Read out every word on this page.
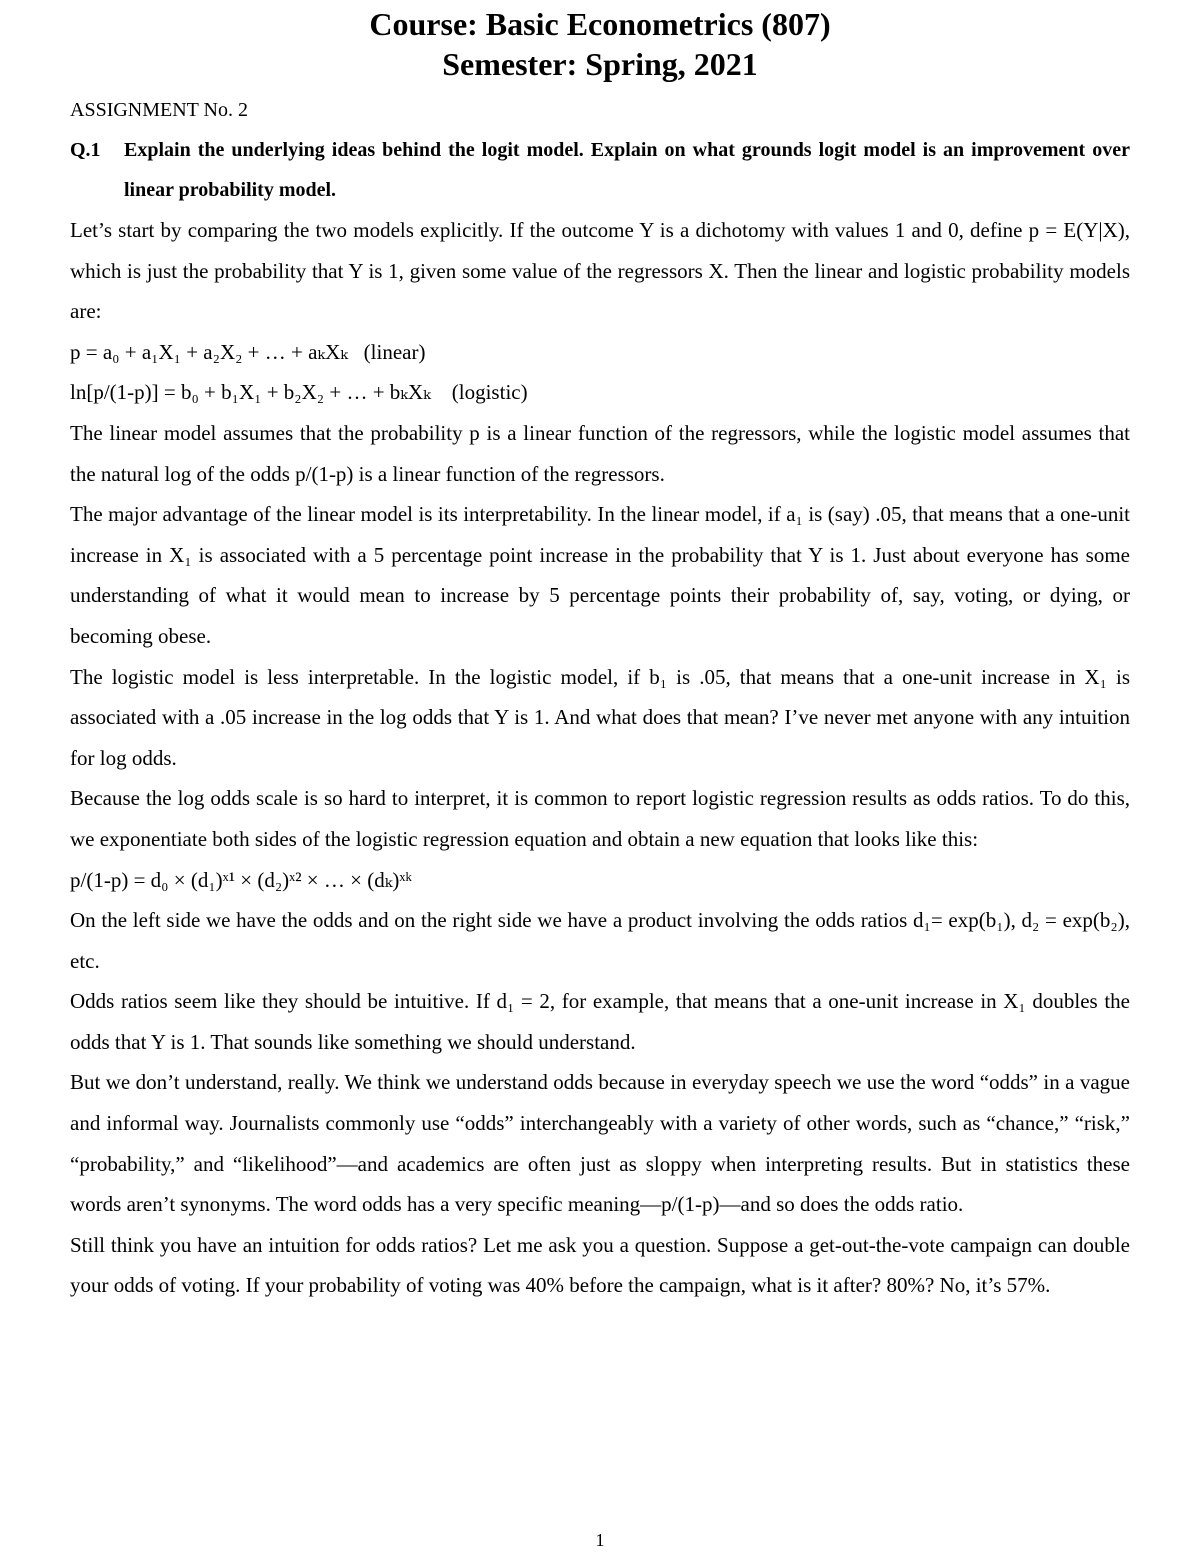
Course: Basic Econometrics (807)
Semester: Spring, 2021
ASSIGNMENT No. 2
Q.1	Explain the underlying ideas behind the logit model. Explain on what grounds logit model is an improvement over linear probability model.

Let’s start by comparing the two models explicitly. If the outcome Y is a dichotomy with values 1 and 0, define p = E(Y|X), which is just the probability that Y is 1, given some value of the regressors X. Then the linear and logistic probability models are:

p = a₀ + a₁X₁ + a₂X₂ + … + aₖXₖ   (linear)

ln[p/(1-p)] = b₀ + b₁X₁ + b₂X₂ + … + bₖXₖ    (logistic)

The linear model assumes that the probability p is a linear function of the regressors, while the logistic model assumes that the natural log of the odds p/(1-p) is a linear function of the regressors.

The major advantage of the linear model is its interpretability. In the linear model, if a₁ is (say) .05, that means that a one-unit increase in X₁ is associated with a 5 percentage point increase in the probability that Y is 1. Just about everyone has some understanding of what it would mean to increase by 5 percentage points their probability of, say, voting, or dying, or becoming obese.

The logistic model is less interpretable. In the logistic model, if b₁ is .05, that means that a one-unit increase in X₁ is associated with a .05 increase in the log odds that Y is 1. And what does that mean? I’ve never met anyone with any intuition for log odds.

Because the log odds scale is so hard to interpret, it is common to report logistic regression results as odds ratios. To do this, we exponentiate both sides of the logistic regression equation and obtain a new equation that looks like this:

p/(1-p) = d₀ × (d₁)ˣ¹ × (d₂)ˣ² × … × (dₖ)ˣᵏ

On the left side we have the odds and on the right side we have a product involving the odds ratios d₁= exp(b₁), d₂ = exp(b₂), etc.

Odds ratios seem like they should be intuitive. If d₁ = 2, for example, that means that a one-unit increase in X₁ doubles the odds that Y is 1. That sounds like something we should understand.

But we don’t understand, really. We think we understand odds because in everyday speech we use the word “odds” in a vague and informal way. Journalists commonly use “odds” interchangeably with a variety of other words, such as “chance,” “risk,” “probability,” and “likelihood”—and academics are often just as sloppy when interpreting results. But in statistics these words aren’t synonyms. The word odds has a very specific meaning—p/(1-p)—and so does the odds ratio.

Still think you have an intuition for odds ratios? Let me ask you a question. Suppose a get-out-the-vote campaign can double your odds of voting. If your probability of voting was 40% before the campaign, what is it after? 80%? No, it’s 57%.

1
